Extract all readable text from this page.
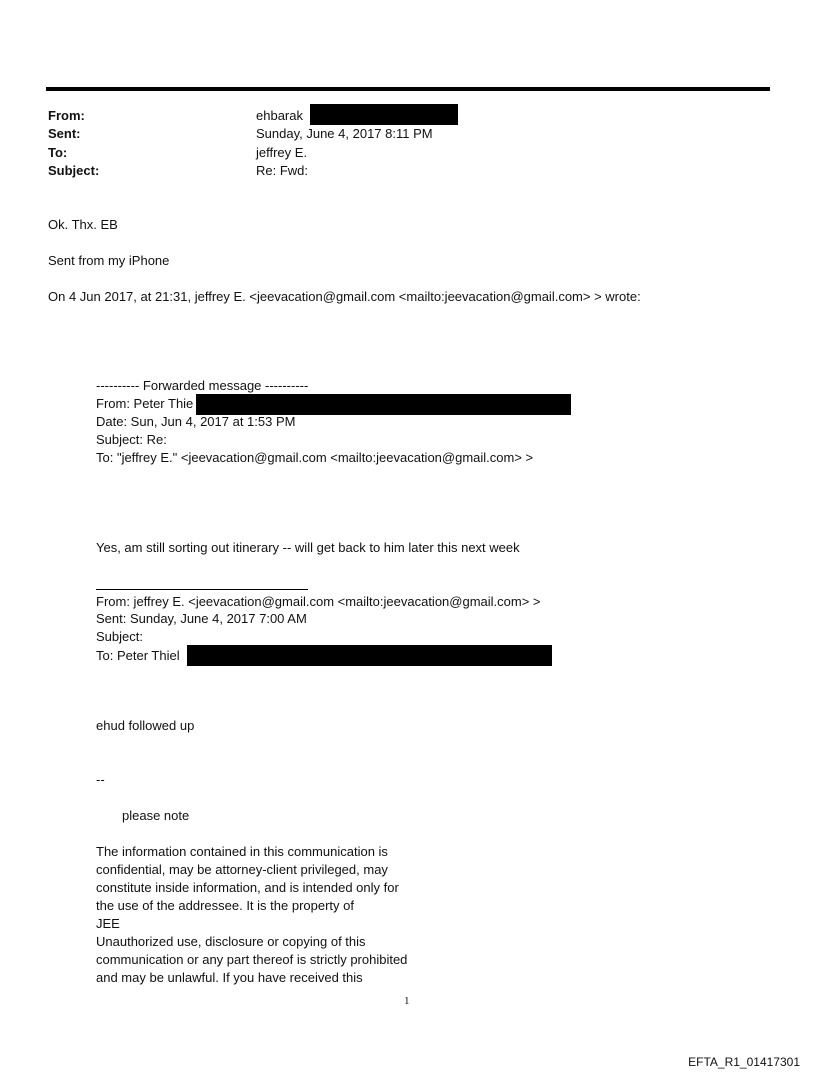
From:	ehbarak
Sent:	Sunday, June 4, 2017 8:11 PM
To:	jeffrey E.
Subject:	Re: Fwd:
Ok. Thx. EB
Sent from my iPhone
On 4 Jun 2017, at 21:31, jeffrey E. <jeevacation@gmail.com <mailto:jeevacation@gmail.com> > wrote:
---------- Forwarded message ----------
From: Peter Thie
Date: Sun, Jun 4, 2017 at 1:53 PM
Subject: Re:
To: "jeffrey E." <jeevacation@gmail.com <mailto:jeevacation@gmail.com> >
Yes, am still sorting out itinerary -- will get back to him later this next week
From: jeffrey E. <jeevacation@gmail.com <mailto:jeevacation@gmail.com> >
Sent: Sunday, June 4, 2017 7:00 AM
Subject:
To: Peter Thiel
ehud followed up
--
please note
The information contained in this communication is
confidential, may be attorney-client privileged, may
constitute inside information, and is intended only for
the use of the addressee. It is the property of
JEE
Unauthorized use, disclosure or copying of this
communication or any part thereof is strictly prohibited
and may be unlawful. If you have received this
1
EFTA_R1_01417301
